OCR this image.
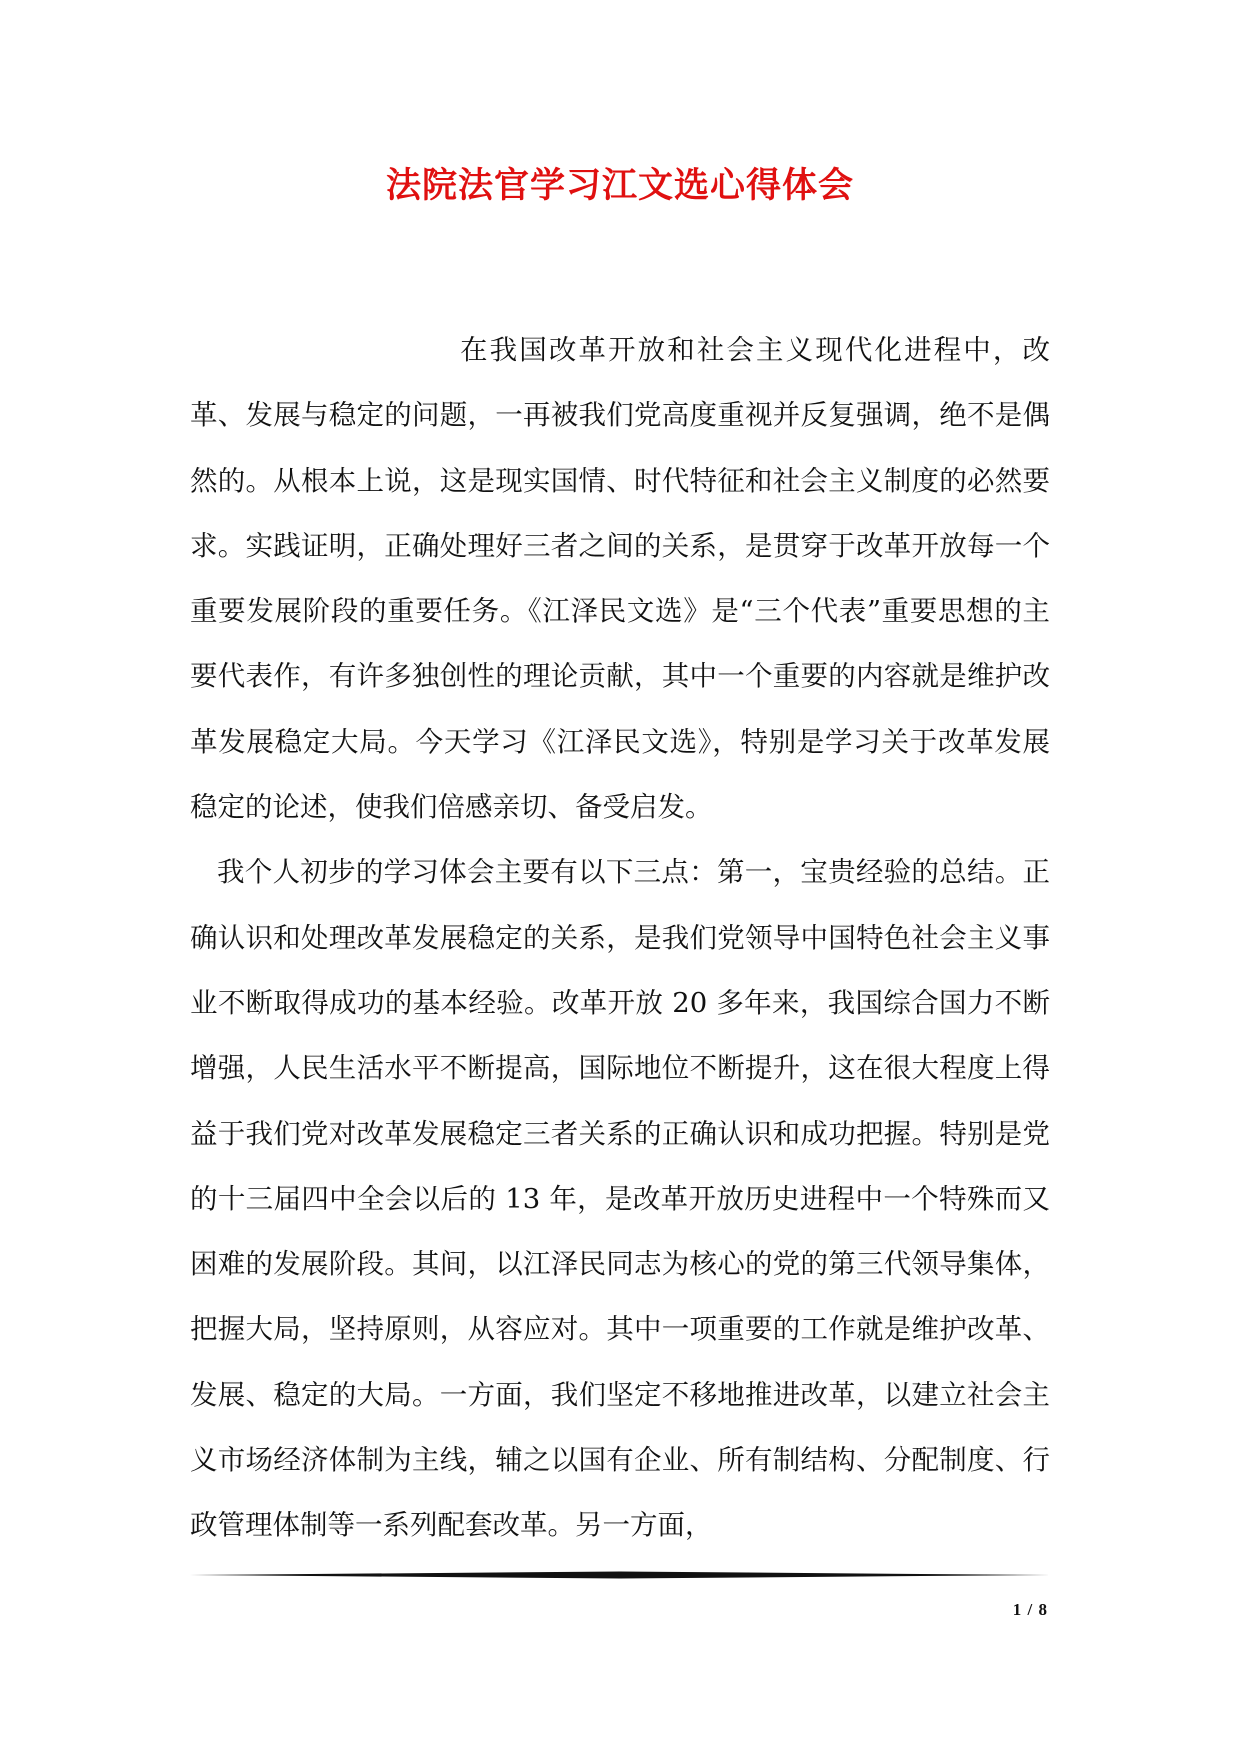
法院法官学习江文选心得体会

在我国改革开放和社会主义现代化进程中，改革、发展与稳定的问题，一再被我们党高度重视并反复强调，绝不是偶然的。从根本上说，这是现实国情、时代特征和社会主义制度的必然要求。实践证明，正确处理好三者之间的关系，是贯穿于改革开放每一个重要发展阶段的重要任务。《江泽民文选》是“三个代表”重要思想的主要代表作，有许多独创性的理论贡献，其中一个重要的内容就是维护改革发展稳定大局。今天学习《江泽民文选》，特别是学习关于改革发展稳定的论述，使我们倍感亲切、备受启发。

我个人初步的学习体会主要有以下三点：第一，宝贵经验的总结。正确认识和处理改革发展稳定的关系，是我们党领导中国特色社会主义事业不断取得成功的基本经验。改革开放 20 多年来，我国综合国力不断增强，人民生活水平不断提高，国际地位不断提升，这在很大程度上得益于我们党对改革发展稳定三者关系的正确认识和成功把握。特别是党的十三届四中全会以后的 13 年，是改革开放历史进程中一个特殊而又困难的发展阶段。其间，以江泽民同志为核心的党的第三代领导集体，把握大局，坚持原则，从容应对。其中一项重要的工作就是维护改革、发展、稳定的大局。一方面，我们坚定不移地推进改革，以建立社会主义市场经济体制为主线，辅之以国有企业、所有制结构、分配制度、行政管理体制等一系列配套改革。另一方面，

1 / 8
